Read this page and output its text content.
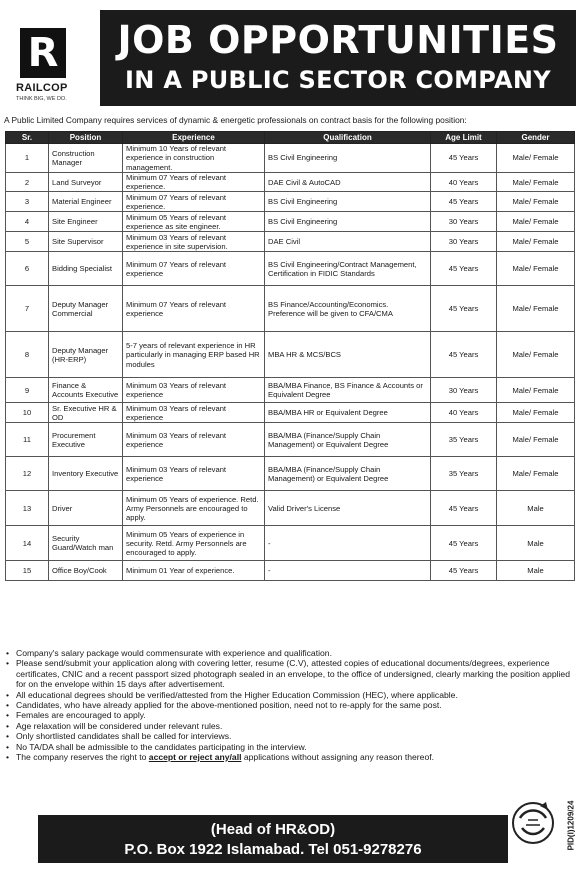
R
RAILCOP
THINK BIG, WE DO.
JOB OPPORTUNITIES
IN A PUBLIC SECTOR COMPANY
A Public Limited Company requires services of dynamic & energetic professionals on contract basis for the following position:
Sr.	Position	Experience	Qualification	Age Limit	Gender
1	Construction Manager	Minimum 10 Years of relevant experience in construction management.	BS Civil Engineering	45 Years	Male/ Female
2	Land Surveyor	Minimum 07 Years of relevant experience.	DAE Civil & AutoCAD	40 Years	Male/ Female
3	Material Engineer	Minimum 07 Years of relevant experience.	BS Civil Engineering	45 Years	Male/ Female
4	Site Engineer	Minimum 05 Years of relevant experience as site engineer.	BS Civil Engineering	30 Years	Male/ Female
5	Site Supervisor	Minimum 03 Years of relevant experience in site supervision.	DAE Civil	30 Years	Male/ Female
6	Bidding Specialist	Minimum 07 Years of relevant experience	BS Civil Engineering/Contract Management, Certification in FIDIC Standards	45 Years	Male/ Female
7	Deputy Manager Commercial	Minimum 07 Years of relevant experience	BS Finance/Accounting/Economics. Preference will be given to CFA/CMA	45 Years	Male/ Female
8	Deputy Manager (HR-ERP)	5-7 years of relevant experience in HR particularly in managing ERP based HR modules	MBA HR & MCS/BCS	45 Years	Male/ Female
9	Finance & Accounts Executive	Minimum 03 Years of relevant experience	BBA/MBA Finance, BS Finance & Accounts or Equivalent Degree	30 Years	Male/ Female
10	Sr. Executive HR & OD	Minimum 03 Years of relevant experience	BBA/MBA HR or Equivalent Degree	40 Years	Male/ Female
11	Procurement Executive	Minimum 03 Years of relevant experience	BBA/MBA (Finance/Supply Chain Management) or Equivalent Degree	35 Years	Male/ Female
12	Inventory Executive	Minimum 03 Years of relevant experience	BBA/MBA (Finance/Supply Chain Management) or Equivalent Degree	35 Years	Male/ Female
13	Driver	Minimum 05 Years of experience. Retd. Army Personnels are encouraged to apply.	Valid Driver's License	45 Years	Male
14	Security Guard/Watch man	Minimum 05 Years of experience in security. Retd. Army Personnels are encouraged to apply.	-	45 Years	Male
15	Office Boy/Cook	Minimum 01 Year of experience.	-	45 Years	Male
• Company's salary package would commensurate with experience and qualification.
• Please send/submit your application along with covering letter, resume (C.V), attested copies of educational documents/degrees, experience certificates, CNIC and a recent passport sized photograph sealed in an envelope, to the office of undersigned, clearly marking the position applied for on the envelope within 15 days after advertisement.
• All educational degrees should be verified/attested from the Higher Education Commission (HEC), where applicable.
• Candidates, who have already applied for the above-mentioned position, need not to re-apply for the same post.
• Females are encouraged to apply.
• Age relaxation will be considered under relevant rules.
• Only shortlisted candidates shall be called for interviews.
• No TA/DA shall be admissible to the candidates participating in the interview.
• The company reserves the right to accept or reject any/all applications without assigning any reason thereof.
(Head of HR&OD)
P.O. Box 1922 Islamabad. Tel 051-9278276	PID(I)1209/24
